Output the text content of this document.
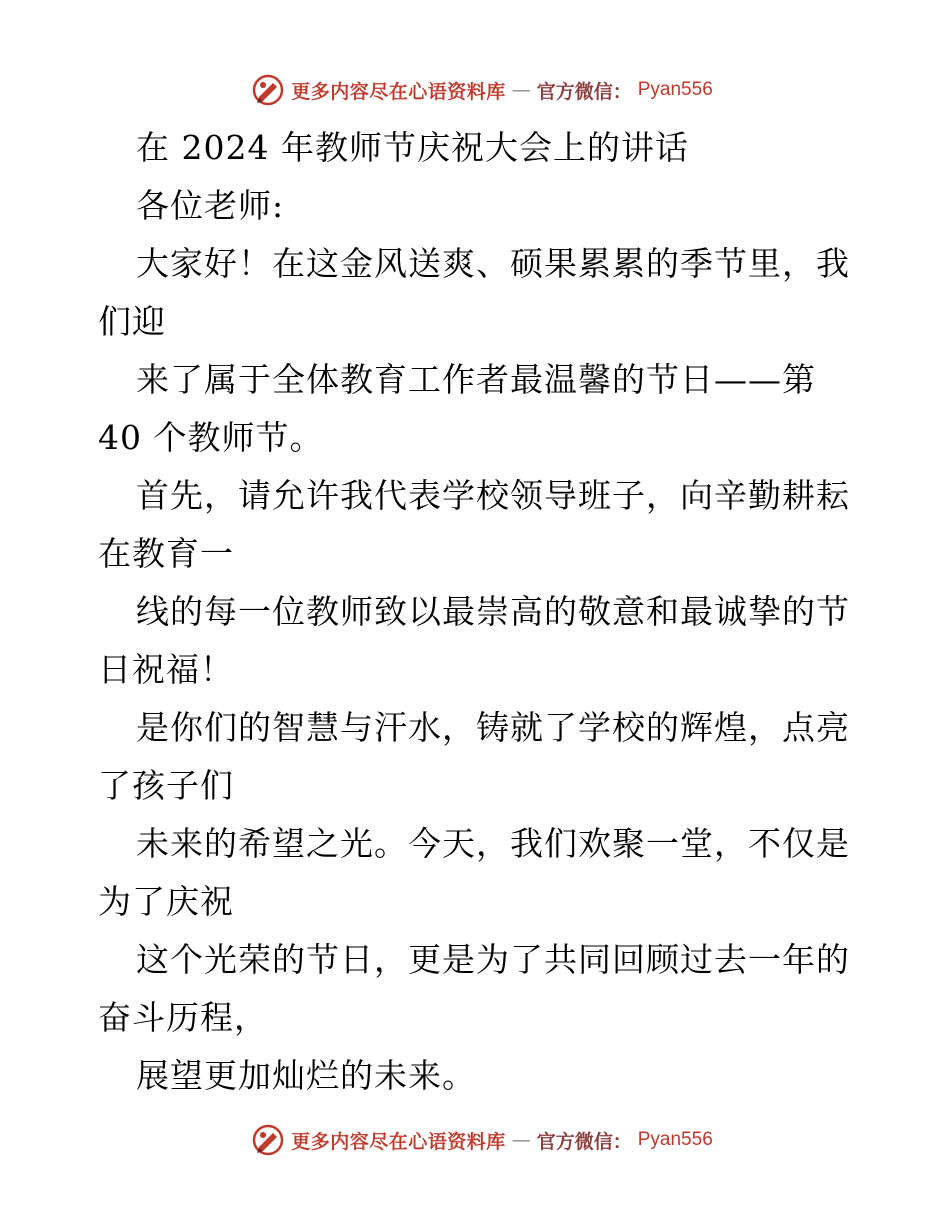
更多内容尽在心语资料库 — 官方微信： Pyan556
在 2024 年教师节庆祝大会上的讲话
各位老师:
大家好！在这金风送爽、硕果累累的季节里，我
们迎
来了属于全体教育工作者最温馨的节日——第
40 个教师节。
首先，请允许我代表学校领导班子，向辛勤耕耘
在教育一
线的每一位教师致以最崇高的敬意和最诚挚的节
日祝福！
是你们的智慧与汗水，铸就了学校的辉煌，点亮
了孩子们
未来的希望之光。今天，我们欢聚一堂，不仅是
为了庆祝
这个光荣的节日，更是为了共同回顾过去一年的
奋斗历程，
展望更加灿烂的未来。
更多内容尽在心语资料库 — 官方微信： Pyan556
